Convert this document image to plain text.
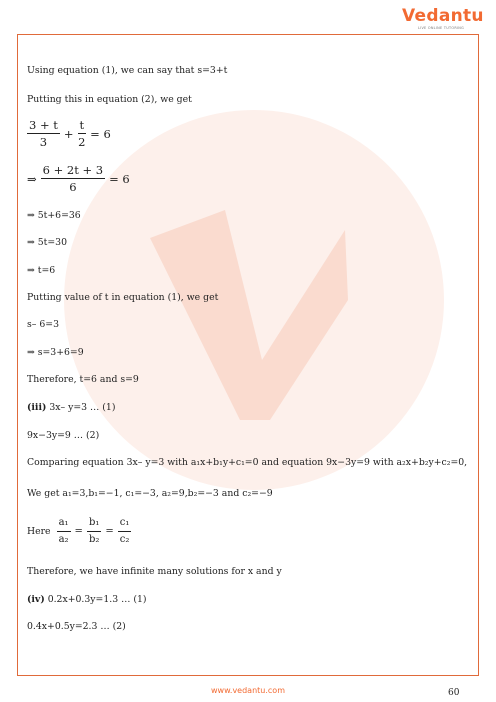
Vedantu
LIVE ONLINE TUTORING
Using equation (1), we can say that s=3+t
Putting this in equation (2), we get
$\frac{3 + t}{3} + \frac{t}{2} = 6$
⇒ $\frac{6 + 2t + 3}{6} = 6$
⇒ 5t+6=36
⇒ 5t=30
⇒ t=6
Putting value of t in equation (1), we get
s– 6=3
⇒ s=3+6=9
Therefore, t=6 and s=9
(iii) 3x– y=3 … (1)
9x−3y=9 … (2)
Comparing equation 3x– y=3 with a₁x+b₁y+c₁=0 and equation 9x−3y=9 with a₂x+b₂y+c₂=0,
We get a₁=3,b₁=−1, c₁=−3, a₂=9,b₂=−3 and c₂=−9
Here $\frac{\text{a₁}}{\text{a₂}} = \frac{\text{b₁}}{\text{b₂}} = \frac{\text{c₁}}{\text{c₂}}$
Therefore, we have infinite many solutions for x and y
(iv) 0.2x+0.3y=1.3 … (1)
0.4x+0.5y=2.3 … (2)
60
www.vedantu.com
